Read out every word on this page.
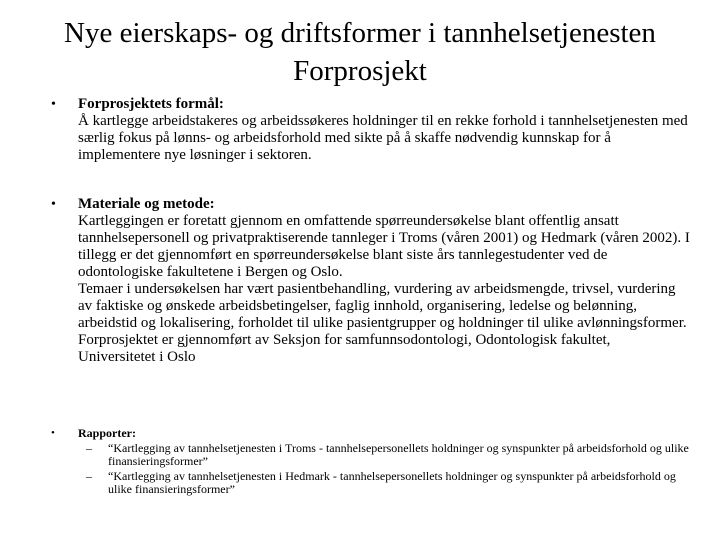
Nye eierskaps- og driftsformer i tannhelsetjenesten
Forprosjekt
• Forprosjektets formål:

Å kartlegge arbeidstakeres og arbeidssøkeres holdninger til en rekke forhold i tannhelsetjenesten med særlig fokus på lønns- og arbeidsforhold med sikte på å skaffe nødvendig kunnskap for å implementere nye løsninger i sektoren.

• Materiale og metode:

Kartleggingen er foretatt gjennom en omfattende spørreundersøkelse blant offentlig ansatt tannhelsepersonell og privatpraktiserende tannleger i Troms (våren 2001) og Hedmark (våren 2002). I tillegg er det gjennomført en spørreundersøkelse blant siste års tannlegestudenter ved de odontologiske fakultetene i Bergen og Oslo.

Temaer i undersøkelsen har vært pasientbehandling, vurdering av arbeidsmengde, trivsel, vurdering av faktiske og ønskede arbeidsbetingelser, faglig innhold, organisering, ledelse og belønning, arbeidstid og lokalisering, forholdet til ulike pasientgrupper og holdninger til ulike avlønningsformer.

Forprosjektet er gjennomført av Seksjon for samfunnsodontologi, Odontologisk fakultet, Universitetet i Oslo

• Rapporter:
– “Kartlegging av tannhelsetjenesten i Troms - tannhelsepersonellets holdninger og synspunkter på arbeidsforhold og ulike finansieringsformer”
– “Kartlegging av tannhelsetjenesten i Hedmark - tannhelsepersonellets holdninger og synspunkter på arbeidsforhold og ulike finansieringsformer”
